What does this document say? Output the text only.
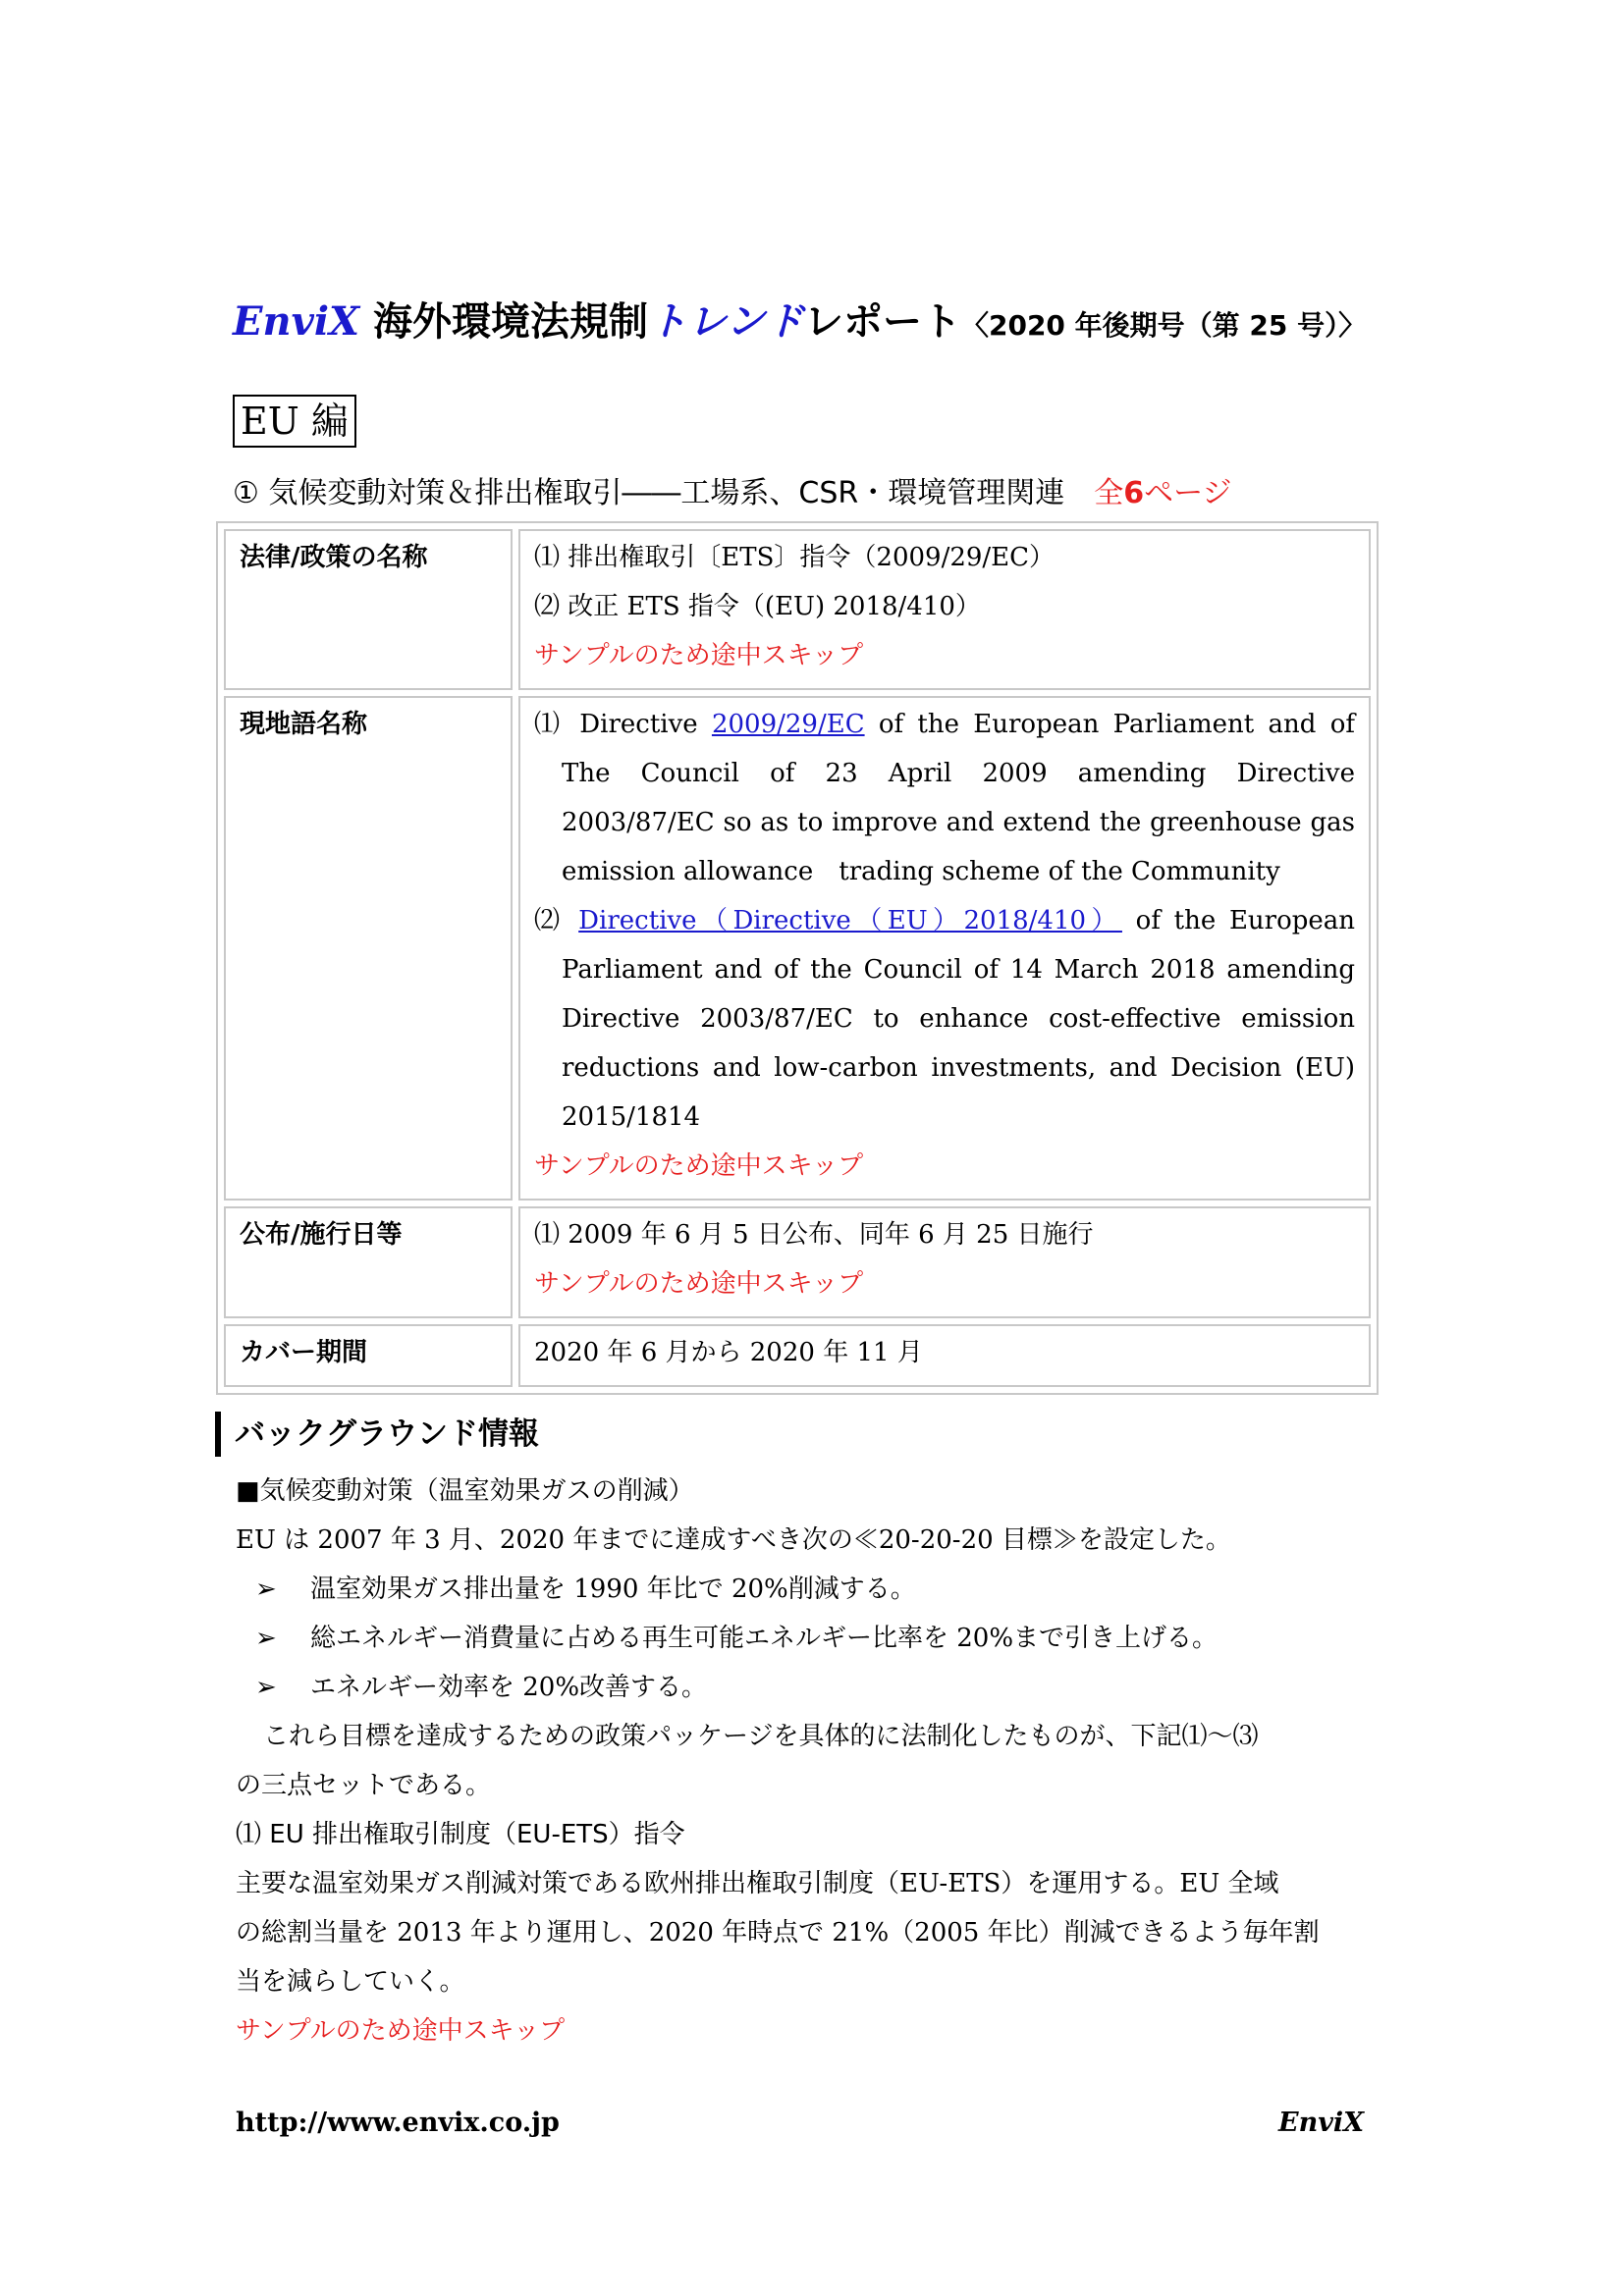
EnviX 海外環境法規制トレンドレポート〈2020 年後期号（第 25 号）〉
EU 編
① 気候変動対策＆排出権取引――工場系、CSR・環境管理関連 全6ページ
法律/政策の名称	⑴ 排出権取引〔ETS〕指令（2009/29/EC）
⑵ 改正 ETS 指令（(EU) 2018/410）
サンプルのため途中スキップ

現地語名称	⑴ Directive 2009/29/EC of the European Parliament and of The Council of 23 April 2009 amending Directive 2003/87/EC so as to improve and extend the greenhouse gas emission allowance　trading scheme of the Community
⑵ Directive（Directive（EU）2018/410） of the European Parliament and of the Council of 14 March 2018 amending Directive 2003/87/EC to enhance cost-effective emission reductions and low-carbon investments, and Decision (EU) 2015/1814
サンプルのため途中スキップ

公布/施行日等	⑴ 2009 年 6 月 5 日公布、同年 6 月 25 日施行
サンプルのため途中スキップ

カバー期間	2020 年 6 月から 2020 年 11 月
バックグラウンド情報
■気候変動対策（温室効果ガスの削減）
EU は 2007 年 3 月、2020 年までに達成すべき次の≪20-20-20 目標≫を設定した。
➢ 温室効果ガス排出量を 1990 年比で 20%削減する。
➢ 総エネルギー消費量に占める再生可能エネルギー比率を 20%まで引き上げる。
➢ エネルギー効率を 20%改善する。
これら目標を達成するための政策パッケージを具体的に法制化したものが、下記⑴～⑶
の三点セットである。
⑴ EU 排出権取引制度（EU-ETS）指令
主要な温室効果ガス削減対策である欧州排出権取引制度（EU-ETS）を運用する。EU 全域
の総割当量を 2013 年より運用し、2020 年時点で 21%（2005 年比）削減できるよう毎年割
当を減らしていく。
サンプルのため途中スキップ
http://www.envix.co.jp	EnviX
